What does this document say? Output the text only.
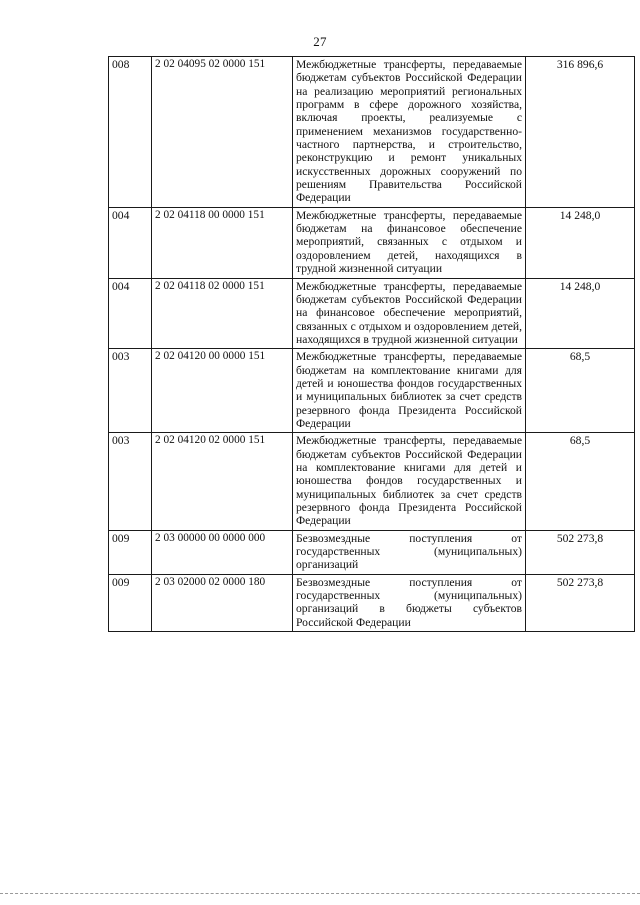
27
008	2 02 04095 02 0000 151	Межбюджетные трансферты, передаваемые бюджетам субъектов Российской Федерации на реализацию мероприятий региональных программ в сфере дорожного хозяйства, включая проекты, реализуемые с применением механизмов государственно-частного партнерства, и строительство, реконструкцию и ремонт уникальных искусственных дорожных сооружений по решениям Правительства Российской Федерации	316 896,6
004	2 02 04118 00 0000 151	Межбюджетные трансферты, передаваемые бюджетам на финансовое обеспечение мероприятий, связанных с отдыхом и оздоровлением детей, находящихся в трудной жизненной ситуации	14 248,0
004	2 02 04118 02 0000 151	Межбюджетные трансферты, передаваемые бюджетам субъектов Российской Федерации на финансовое обеспечение мероприятий, связанных с отдыхом и оздоровлением детей, находящихся в трудной жизненной ситуации	14 248,0
003	2 02 04120 00 0000 151	Межбюджетные трансферты, передаваемые бюджетам на комплектование книгами для детей и юношества фондов государственных и муниципальных библиотек за счет средств резервного фонда Президента Российской Федерации	68,5
003	2 02 04120 02 0000 151	Межбюджетные трансферты, передаваемые бюджетам субъектов Российской Федерации на комплектование книгами для детей и юношества фондов государственных и муниципальных библиотек за счет средств резервного фонда Президента Российской Федерации	68,5
009	2 03 00000 00 0000 000	Безвозмездные поступления от государственных (муниципальных) организаций	502 273,8
009	2 03 02000 02 0000 180	Безвозмездные поступления от государственных (муниципальных) организаций в бюджеты субъектов Российской Федерации	502 273,8
